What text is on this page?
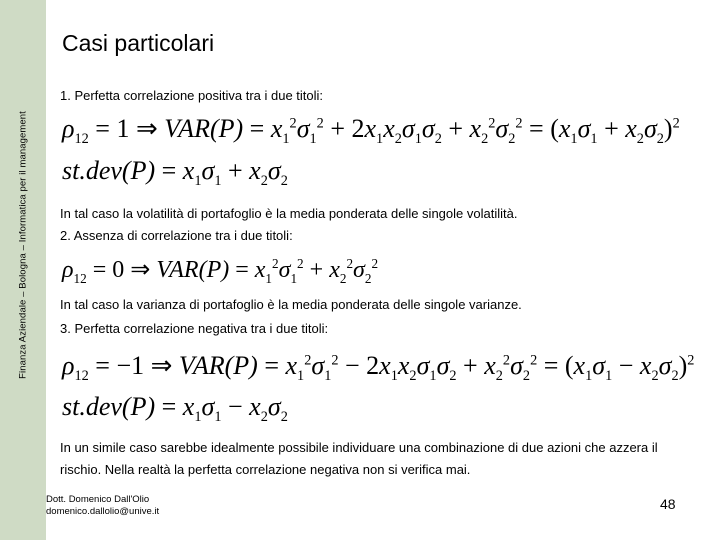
Finanza Aziendale – Bologna – Informatica per il management
Casi particolari

1. Perfetta correlazione positiva tra i due titoli:

$\rho_{12} = 1$ ⇒ $VAR(P) = x_1^2\sigma_1^2 + 2x_1x_2\sigma_1\sigma_2 + x_2^2\sigma_2^2 = (x_1\sigma_1 + x_2\sigma_2)^2$
$st.dev(P) = x_1\sigma_1 + x_2\sigma_2$

In tal caso la volatilità di portafoglio è la media ponderata delle singole volatilità.

2. Assenza di correlazione tra i due titoli:

$\rho_{12} = 0$ ⇒ $VAR(P) = x_1^2\sigma_1^2 + x_2^2\sigma_2^2$

In tal caso la varianza di portafoglio è la media ponderata delle singole varianze.

3. Perfetta correlazione negativa tra i due titoli:

$\rho_{12} = -1$ ⇒ $VAR(P) = x_1^2\sigma_1^2 - 2x_1x_2\sigma_1\sigma_2 + x_2^2\sigma_2^2 = (x_1\sigma_1 - x_2\sigma_2)^2$
$st.dev(P) = x_1\sigma_1 - x_2\sigma_2$

In un simile caso sarebbe idealmente possibile individuare una combinazione di due azioni che azzera il rischio. Nella realtà la perfetta correlazione negativa non si verifica mai.

Dott. Domenico Dall'Olio
domenico.dallolio@unive.it	48
